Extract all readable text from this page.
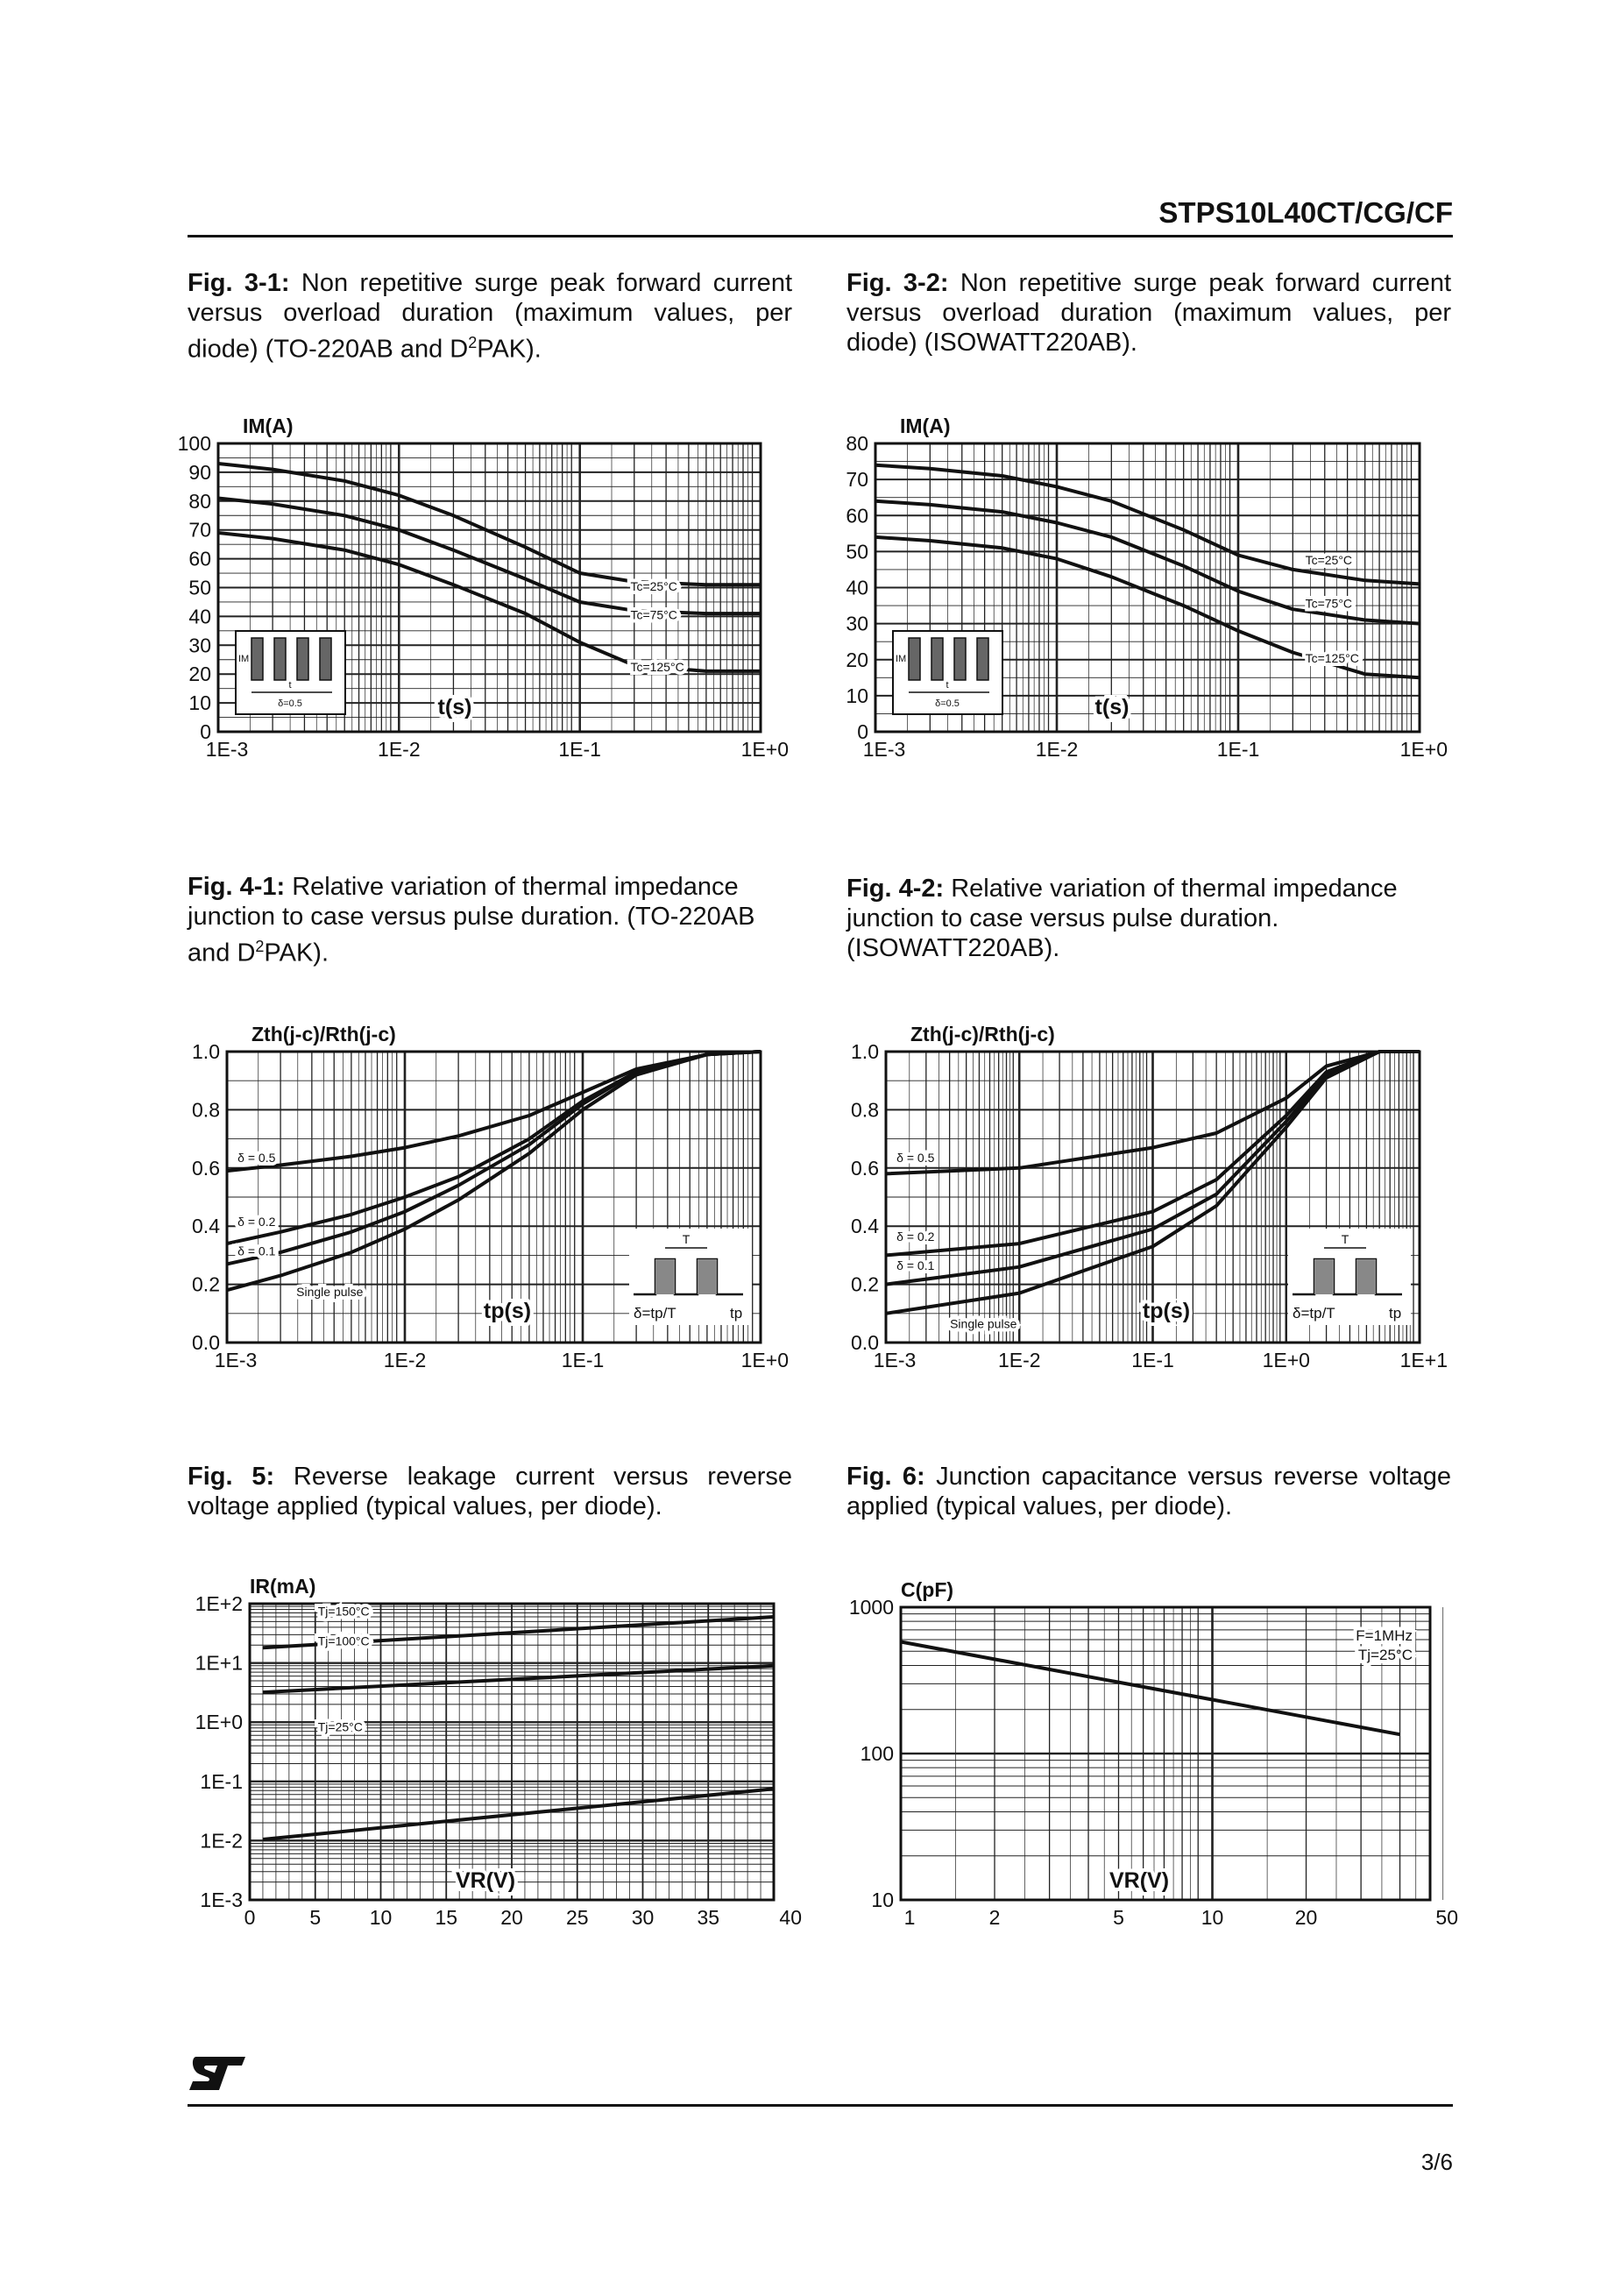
STPS10L40CT/CG/CF
Fig. 3-1: Non repetitive surge peak forward current versus overload duration (maximum values, per diode) (TO-220AB and $D^2PAK$).
Fig. 3-2: Non repetitive surge peak forward current versus overload duration (maximum values, per diode) (ISOWATT220AB).
Fig. 4-1: Relative variation of thermal impedance junction to case versus pulse duration. (TO-220AB and $D^2PAK$).
Fig. 4-2: Relative variation of thermal impedance junction to case versus pulse duration. (ISOWATT220AB).
Fig. 5: Reverse leakage current versus reverse voltage applied (typical values, per diode).
Fig. 6: Junction capacitance versus reverse voltage applied (typical values, per diode).
0
10
20
30
40
50
60
70
80
90
100
1E-3	1E-2	1E-1	1E+0
IM(A)
t(s)
Tc=25°C
Tc=75°C
Tc=125°C
IM
t
δ=0.5
0
10
20
30
40
50
60
70
80
1E-3	1E-2	1E-1	1E+0
IM(A)
t(s)
Tc=25°C
Tc=75°C
Tc=125°C
IM
t
δ=0.5
0.0
0.2
0.4
0.6
0.8
1.0
1E-3	1E-2	1E-1	1E+0
Zth(j-c)/Rth(j-c)
tp(s)
δ = 0.5
δ = 0.2
δ = 0.1
Single pulse
T
δ=tp/T	tp
0.0
0.2
0.4
0.6
0.8
1.0
1E-3	1E-2	1E-1	1E+0	1E+1
Zth(j-c)/Rth(j-c)
tp(s)
δ = 0.5
δ = 0.2
δ = 0.1
Single pulse
T
δ=tp/T	tp
1E-3
1E-2
1E-1
1E+0
1E+1
1E+2
0	5 10 15 20 25 30 35	40
IR(mA)
VR(V)
Tj=150°C
Tj=100°C
Tj=25°C
10
100
1000
1	2	5	10	20	50
C(pF)
VR(V)
F=1MHz
Tj=25°C
3/6
